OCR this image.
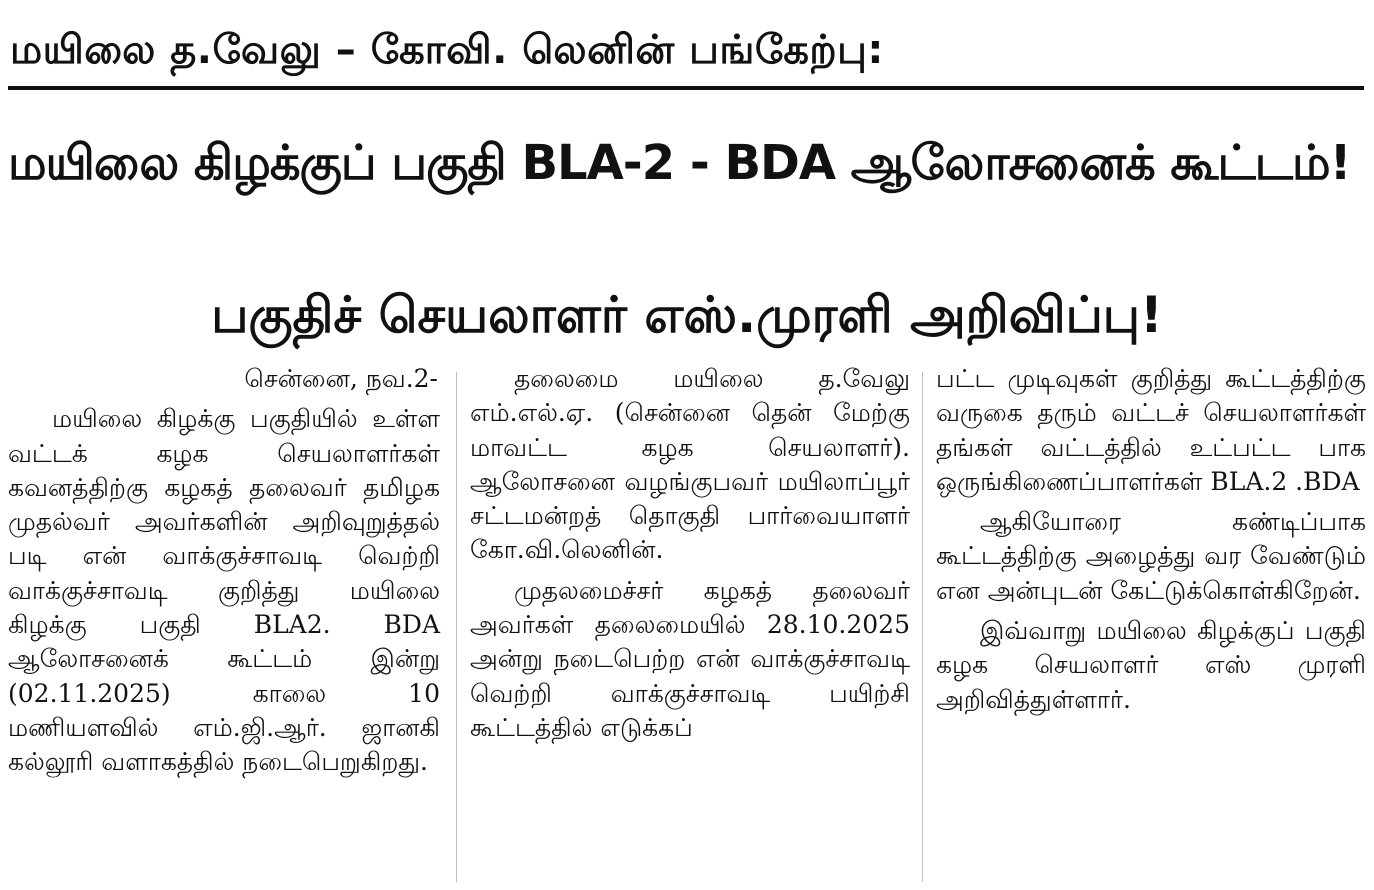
மயிலை த.வேலு – கோவி. லெனின் பங்கேற்பு:
மயிலை கிழக்குப் பகுதி BLA-2 - BDA ஆலோசனைக் கூட்டம்!
பகுதிச் செயலாளர் எஸ்.முரளி அறிவிப்பு!

சென்னை, நவ.2-

மயிலை கிழக்கு பகுதியில் உள்ள வட்டக் கழக செயலாளர்கள் கவனத்திற்கு கழகத் தலைவர் தமிழக முதல்வர் அவர்களின் அறிவுறுத்தல் படி என் வாக்குச்சாவடி வெற்றி வாக்குச்சாவடி குறித்து மயிலை கிழக்கு பகுதி BLA2. BDA ஆலோசனைக் கூட்டம் இன்று (02.11.2025) காலை 10 மணியளவில் எம்.ஜி.ஆர். ஜானகி கல்லூரி வளாகத்தில் நடைபெறுகிறது.

தலைமை மயிலை த.வேலு எம்.எல்.ஏ. (சென்னை தென் மேற்கு மாவட்ட கழக செயலாளர்). ஆலோசனை வழங்குபவர் மயிலாப்பூர் சட்டமன்றத் தொகுதி பார்வையாளர் கோ.வி.லெனின்.

முதலமைச்சர் கழகத் தலைவர் அவர்கள் தலைமையில் 28.10.2025 அன்று நடைபெற்ற என் வாக்குச்சாவடி வெற்றி வாக்குச்சாவடி பயிற்சி கூட்டத்தில் எடுக்கப்

பட்ட முடிவுகள் குறித்து கூட்டத்திற்கு வருகை தரும் வட்டச் செயலாளர்கள் தங்கள் வட்டத்தில் உட்பட்ட பாக ஒருங்கிணைப்பாளர்கள் BLA.2 .BDA

ஆகியோரை கண்டிப்பாக கூட்டத்திற்கு அழைத்து வர வேண்டும் என அன்புடன் கேட்டுக்கொள்கிறேன்.

இவ்வாறு மயிலை கிழக்குப் பகுதி கழக செயலாளர் எஸ் முரளி அறிவித்துள்ளார்.
